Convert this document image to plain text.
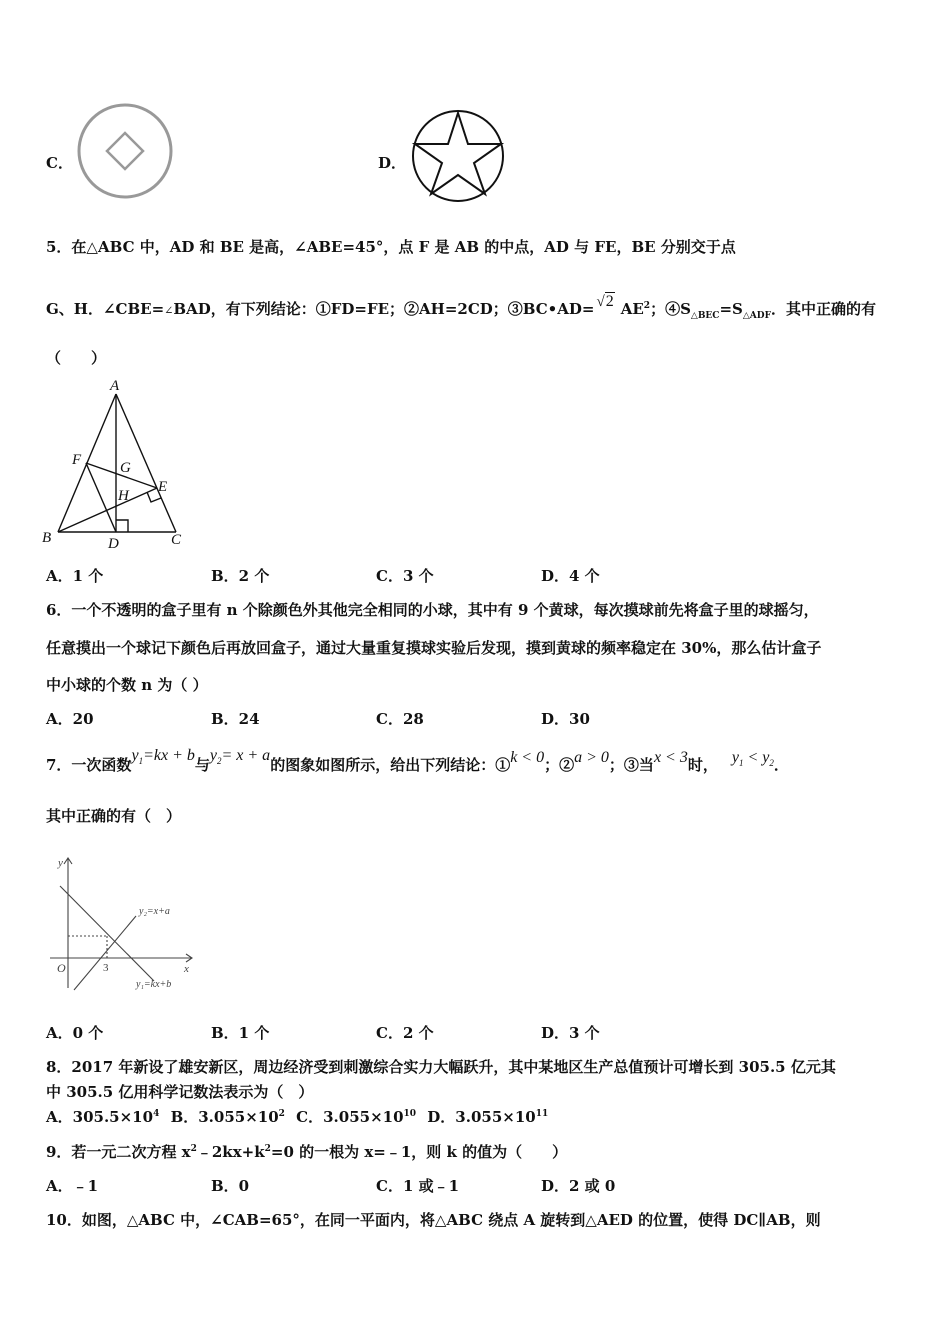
C．	D．
5．在△ABC 中，AD 和 BE 是高，∠ABE=45°，点 F 是 AB 的中点，AD 与 FE，BE 分别交于点
G、H．∠CBE=∠BAD，有下列结论：①FD=FE；②AH=2CD；③BC•AD= √2 $AE^2$；$④S_{\triangle BEC}=S_{\triangle ADF}$．其中正确的有
（　　）
A
B	C
D
E
F	G
H
A．1 个	B．2 个	C．3 个	D．4 个
6．一个不透明的盒子里有 n 个除颜色外其他完全相同的小球，其中有 9 个黄球，每次摸球前先将盒子里的球摇匀，
任意摸出一个球记下颜色后再放回盒子，通过大量重复摸球实验后发现，摸到黄球的频率稳定在 30%，那么估计盒子
中小球的个数 n 为（ ）
A．20	B．24	C．28	D．30
7．一次函数$y_1=kx + b$与$y_2= x + a$的图象如图所示，给出下列结论：①k < 0；②a > 0；③当x < 3时， $y_1 < y_2$．
其中正确的有（　）
y
x
O	3
y₂=x+a
y₁=kx+b
A．0 个	B．1 个	C．2 个	D．3 个
8．2017 年新设了雄安新区，周边经济受到刺激综合实力大幅跃升，其中某地区生产总值预计可增长到 305.5 亿元其
中 305.5 亿用科学记数法表示为（　）
A．$305.5\times 10^4$ B．$3.055\times 10^2$ C．$3.055\times 10^{10}$ D．$3.055\times 10^{11}$
9．若一元二次方程 $x^2﹣2kx+k^2=0$ 的一根为 x=﹣1，则 k 的值为（　　）
A．﹣1	B．0	C．1 或﹣1	D．2 或 0
10．如图，△ABC 中，∠CAB=65°，在同一平面内，将△ABC 绕点 A 旋转到△AED 的位置，使得 DC∥AB，则
